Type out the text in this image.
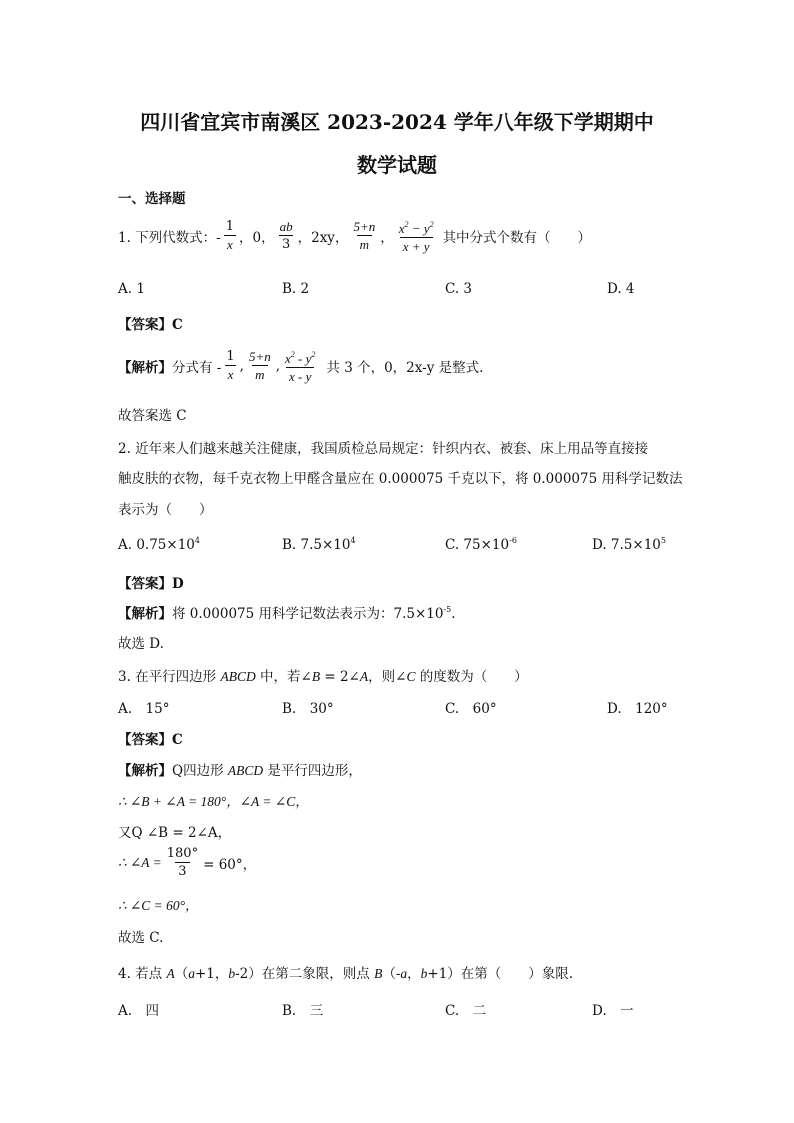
四川省宜宾市南溪区 2023-2024 学年八年级下学期期中
数学试题
一、选择题
1. 下列代数式：- $\frac{1}{x}$ ，0， $\frac{ab}{3}$ ，2xy， $\frac{5+n}{m}$ ， $\frac{x^2 - y^2}{x + y}$ 其中分式个数有（　　）
A. 1	B. 2	C. 3	D. 4
【答案】C
【解析】 分式有 - $\frac{1}{x}$ , $\frac{5+n}{m}$ , $\frac{x^2 - y^2}{x - y}$ 共 3 个，0，2x-y 是整式.
故答案选 C
2. 近年来人们越来越关注健康，我国质检总局规定：针织内衣、被套、床上用品等直接接
触皮肤的衣物，每千克衣物上甲醛含量应在 0.000075 千克以下，将 0.000075 用科学记数法
表示为（　　）
A. $0.75\times 10^4$	B. $7.5\times 10^4$	C. $75\times 10^{-6}$	D. $7.5\times 10^5$
【答案】D
【解析】将 0.000075 用科学记数法表示为：$7.5\times 10^{-5}$.
故选 D.
3. 在平行四边形 ABCD 中，若∠B = 2∠A，则∠C 的度数为（　　）
A.　15°	B.　30°	C.　60°	D.　120°
【答案】C
【解析】Q四边形 ABCD 是平行四边形，
∴ ∠B + ∠A = 180°，∠A = ∠C，
又Q ∠B = 2∠A，
∴ ∠A = $\frac{180^\circ}{3} = 60^\circ$，
∴ ∠C = 60°，
故选 C.
4. 若点 A（a+1，b-2）在第二象限，则点 B（-a，b+1）在第（　　）象限.
A.　四	B.　三	C.　二	D.　一
